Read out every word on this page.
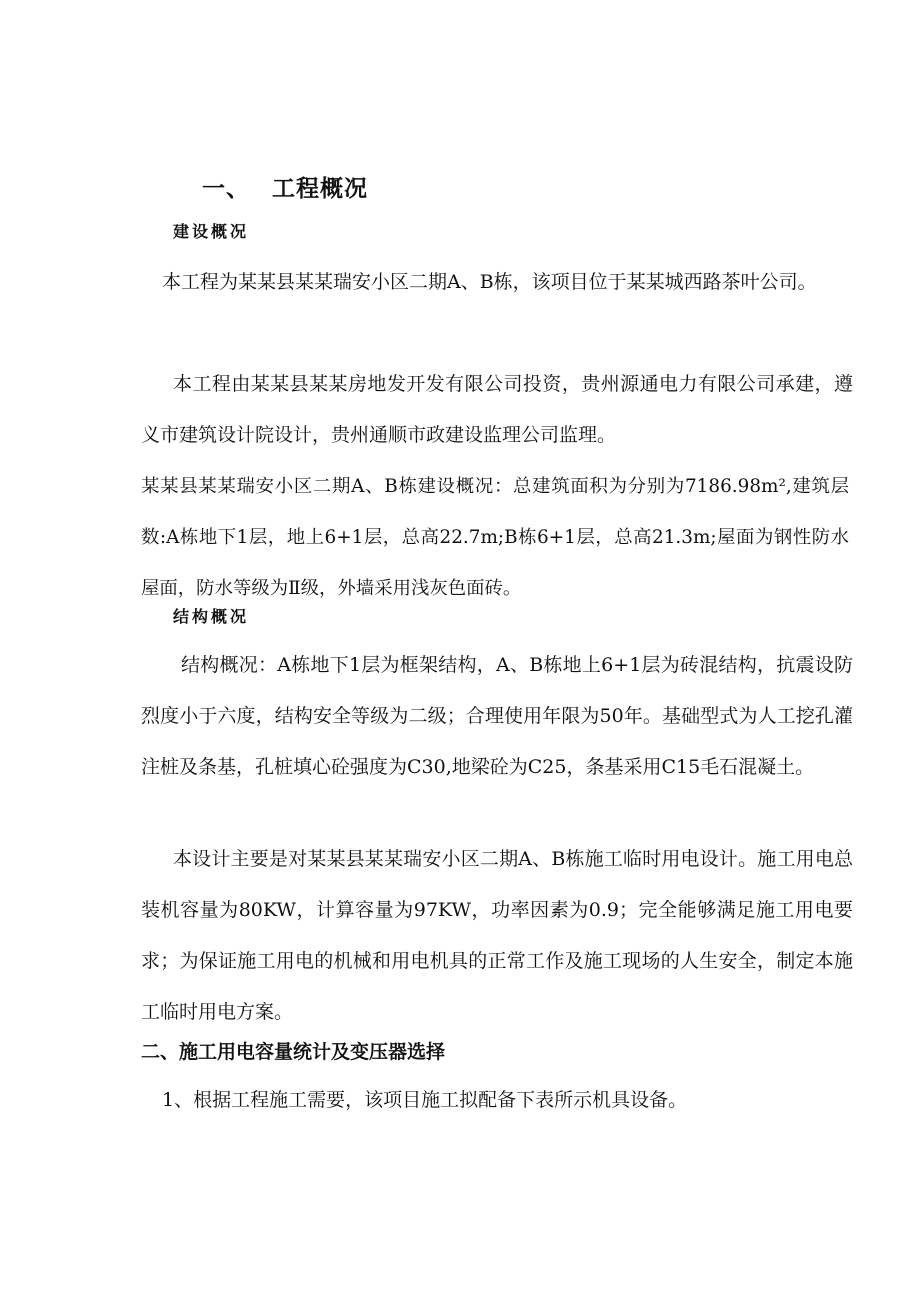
一、 工程概况
建设概况

本工程为某某县某某瑞安小区二期A、B栋，该项目位于某某城西路茶叶公司。

本工程由某某县某某房地发开发有限公司投资，贵州源通电力有限公司承建，遵义市建筑设计院设计，贵州通顺市政建设监理公司监理。

某某县某某瑞安小区二期A、B栋建设概况：总建筑面积为分别为7186.98m²,建筑层数:A栋地下1层，地上6+1层，总高22.7m;B栋6+1层，总高21.3m;屋面为钢性防水屋面，防水等级为Ⅱ级，外墙采用浅灰色面砖。

结构概况

结构概况：A栋地下1层为框架结构，A、B栋地上6+1层为砖混结构，抗震设防烈度小于六度，结构安全等级为二级；合理使用年限为50年。基础型式为人工挖孔灌注桩及条基，孔桩填心砼强度为C30,地梁砼为C25，条基采用C15毛石混凝土。

本设计主要是对某某县某某瑞安小区二期A、B栋施工临时用电设计。施工用电总装机容量为80KW，计算容量为97KW，功率因素为0.9；完全能够满足施工用电要求；为保证施工用电的机械和用电机具的正常工作及施工现场的人生安全，制定本施工临时用电方案。

二、施工用电容量统计及变压器选择
1、根据工程施工需要，该项目施工拟配备下表所示机具设备。
